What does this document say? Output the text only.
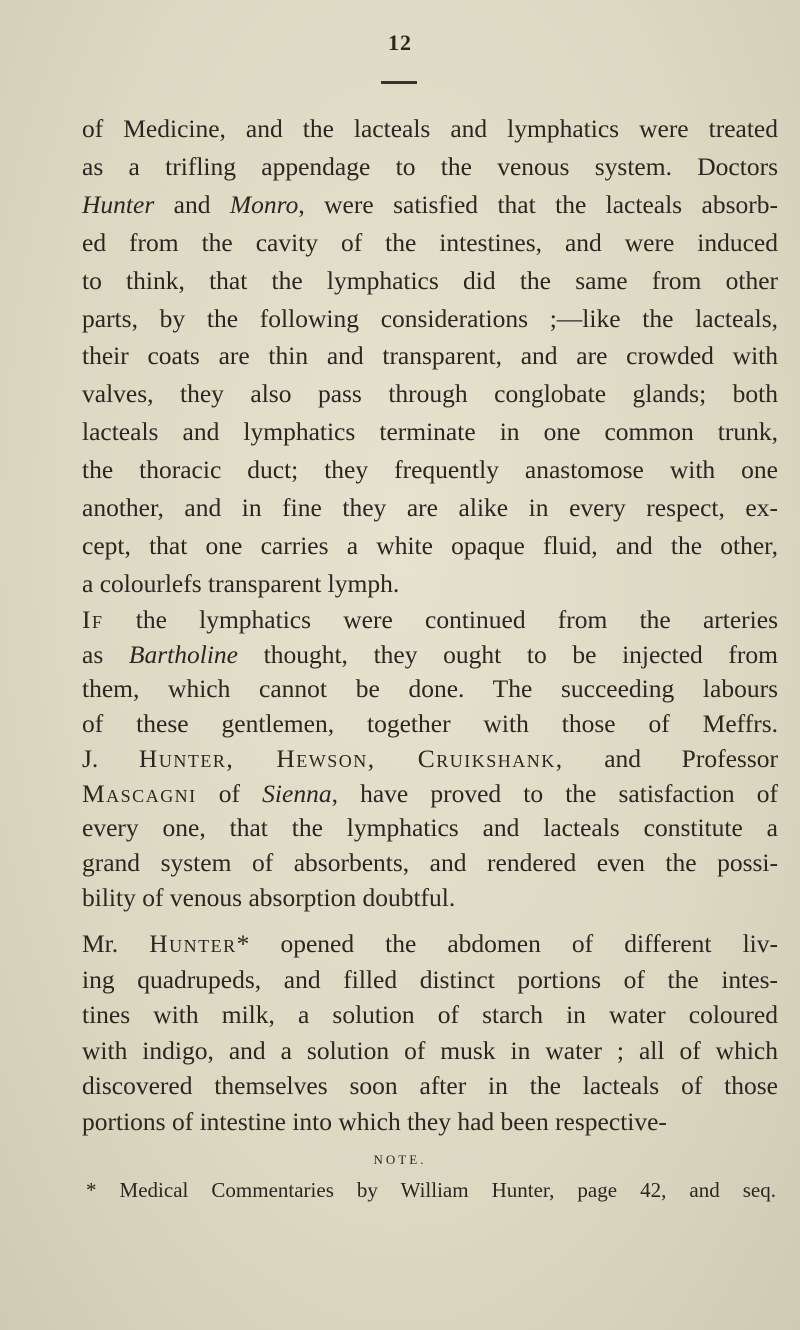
12
of Medicine, and the lacteals and lymphatics were treated
as a trifling appendage to the venous system. Doctors
Hunter and Monro, were satisfied that the lacteals absorb-
ed from the cavity of the intestines, and were induced
to think, that the lymphatics did the same from other
parts, by the following considerations ;—like the lacteals,
their coats are thin and transparent, and are crowded with
valves, they also pass through conglobate glands; both
lacteals and lymphatics terminate in one common trunk,
the thoracic duct; they frequently anastomose with one
another, and in fine they are alike in every respect, ex-
cept, that one carries a white opaque fluid, and the other,
a colourlefs transparent lymph.
If the lymphatics were continued from the arteries
as Bartholine thought, they ought to be injected from
them, which cannot be done. The succeeding labours
of these gentlemen, together with those of Meffrs.
J. Hunter, Hewson, Cruikshank, and Professor
Mascagni of Sienna, have proved to the satisfaction of
every one, that the lymphatics and lacteals constitute a
grand system of absorbents, and rendered even the possi-
bility of venous absorption doubtful.
Mr. Hunter* opened the abdomen of different liv-
ing quadrupeds, and filled distinct portions of the intes-
tines with milk, a solution of starch in water coloured
with indigo, and a solution of musk in water ; all of which
discovered themselves soon after in the lacteals of those
portions of intestine into which they had been respective-
NOTE.
* Medical Commentaries by William Hunter, page 42, and seq.
